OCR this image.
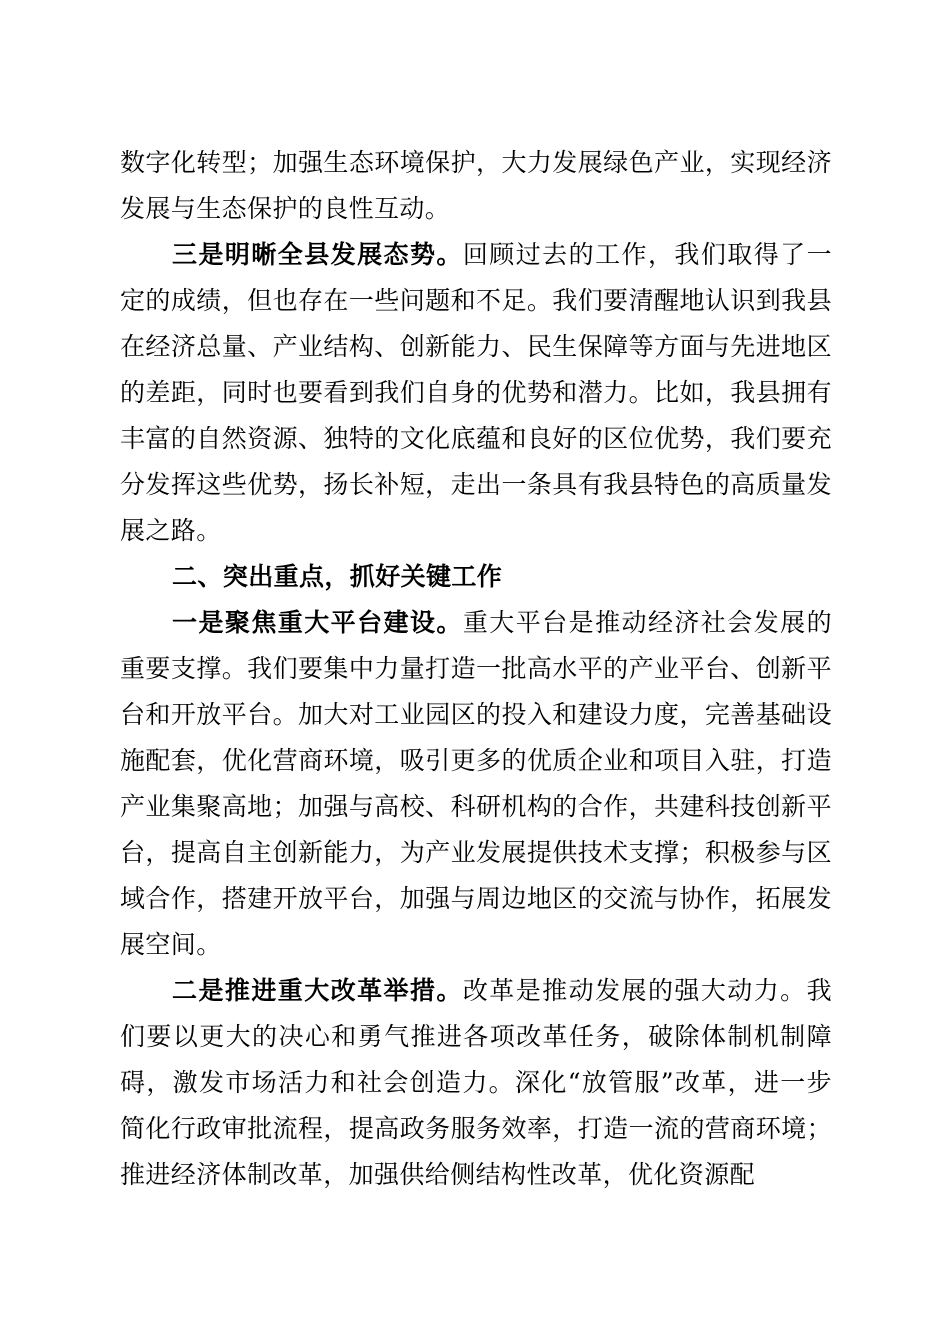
数字化转型；加强生态环境保护，大力发展绿色产业，实现经济发展与生态保护的良性互动。

三是明晰全县发展态势。回顾过去的工作，我们取得了一定的成绩，但也存在一些问题和不足。我们要清醒地认识到我县在经济总量、产业结构、创新能力、民生保障等方面与先进地区的差距，同时也要看到我们自身的优势和潜力。比如，我县拥有丰富的自然资源、独特的文化底蕴和良好的区位优势，我们要充分发挥这些优势，扬长补短，走出一条具有我县特色的高质量发展之路。

二、突出重点，抓好关键工作

一是聚焦重大平台建设。重大平台是推动经济社会发展的重要支撑。我们要集中力量打造一批高水平的产业平台、创新平台和开放平台。加大对工业园区的投入和建设力度，完善基础设施配套，优化营商环境，吸引更多的优质企业和项目入驻，打造产业集聚高地；加强与高校、科研机构的合作，共建科技创新平台，提高自主创新能力，为产业发展提供技术支撑；积极参与区域合作，搭建开放平台，加强与周边地区的交流与协作，拓展发展空间。

二是推进重大改革举措。改革是推动发展的强大动力。我们要以更大的决心和勇气推进各项改革任务，破除体制机制障碍，激发市场活力和社会创造力。深化“放管服”改革，进一步简化行政审批流程，提高政务服务效率，打造一流的营商环境；推进经济体制改革，加强供给侧结构性改革，优化资源配
